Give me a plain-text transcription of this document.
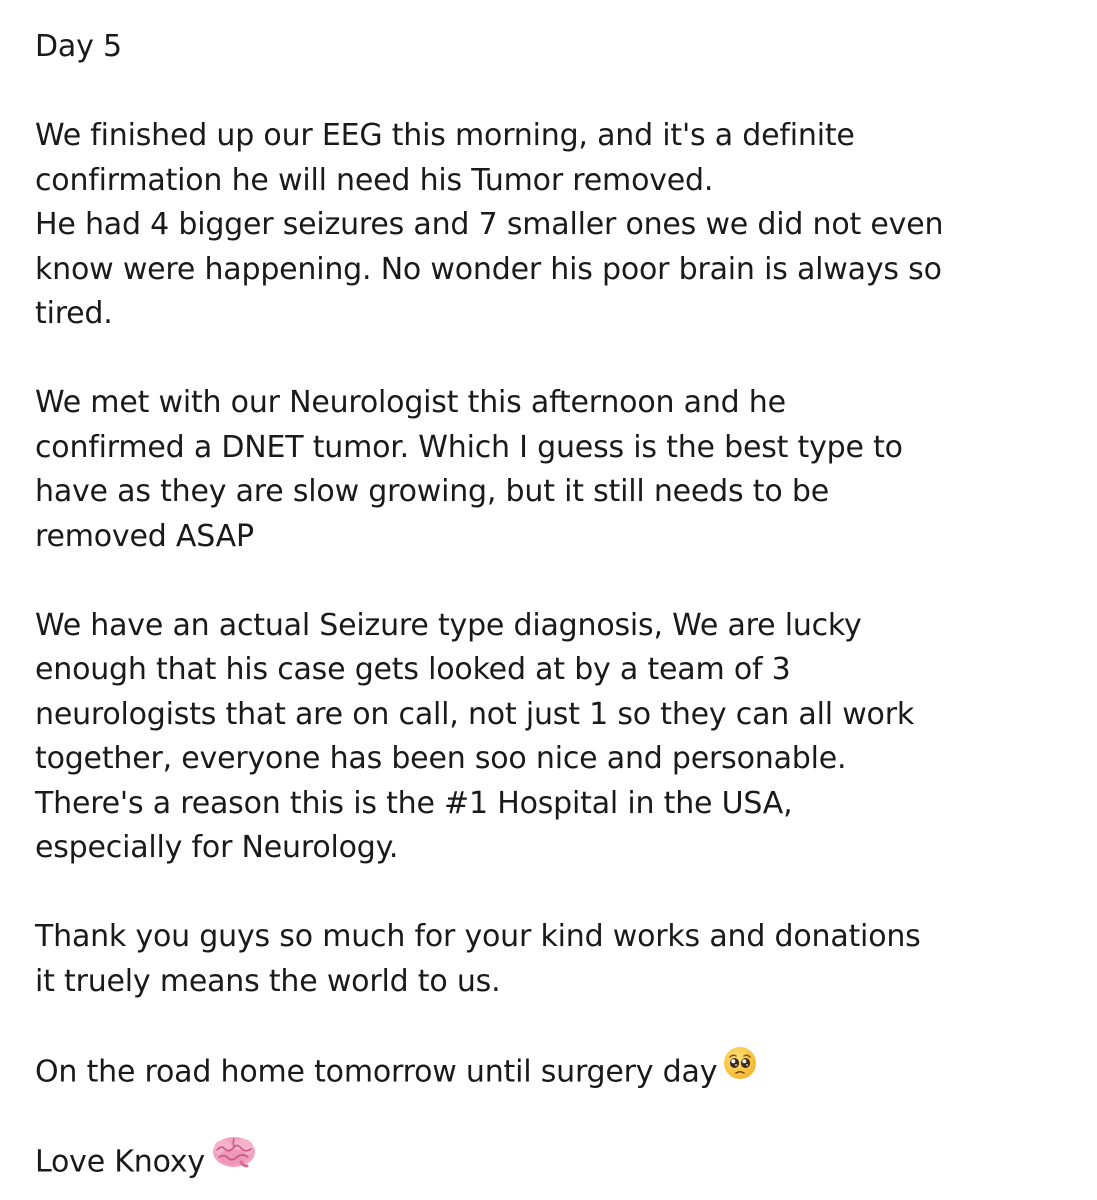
Day 5
We finished up our EEG this morning, and it's a definite
confirmation he will need his Tumor removed.
He had 4 bigger seizures and 7 smaller ones we did not even
know were happening. No wonder his poor brain is always so
tired.
We met with our Neurologist this afternoon and he
confirmed a DNET tumor. Which I guess is the best type to
have as they are slow growing, but it still needs to be
removed ASAP
We have an actual Seizure type diagnosis, We are lucky
enough that his case gets looked at by a team of 3
neurologists that are on call, not just 1 so they can all work
together, everyone has been soo nice and personable.
There's a reason this is the #1 Hospital in the USA,
especially for Neurology.
Thank you guys so much for your kind works and donations
it truely means the world to us.
On the road home tomorrow until surgery day
Love Knoxy
